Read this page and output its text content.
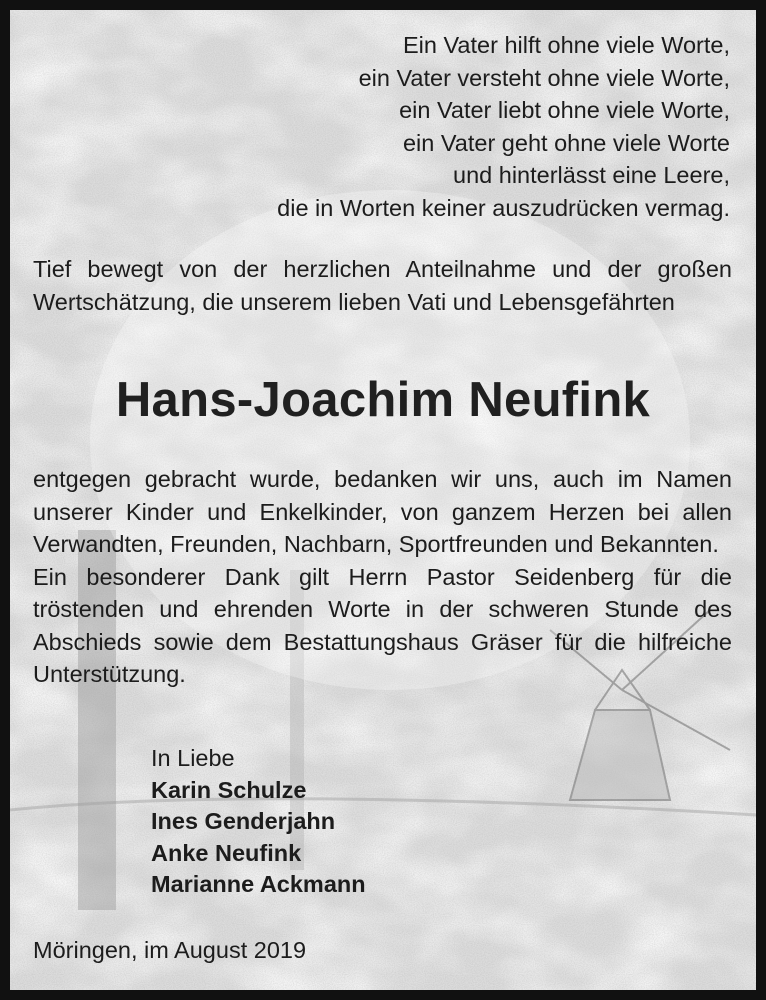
Ein Vater hilft ohne viele Worte,
ein Vater versteht ohne viele Worte,
ein Vater liebt ohne viele Worte,
ein Vater geht ohne viele Worte
und hinterlässt eine Leere,
die in Worten keiner auszudrücken vermag.

Tief bewegt von der herzlichen Anteilnahme und der großen Wertschätzung, die unserem lieben Vati und Lebensgefährten

Hans-Joachim Neufink
entgegen gebracht wurde, bedanken wir uns, auch im Namen unserer Kinder und Enkelkinder, von ganzem Herzen bei allen Verwandten, Freunden, Nachbarn, Sportfreunden und Bekannten.
Ein besonderer Dank gilt Herrn Pastor Seidenberg für die tröstenden und ehrenden Worte in der schweren Stunde des Abschieds sowie dem Bestattungshaus Gräser für die hilfreiche Unterstützung.
In Liebe
Karin Schulze
Ines Genderjahn
Anke Neufink
Marianne Ackmann
Möringen, im August 2019
